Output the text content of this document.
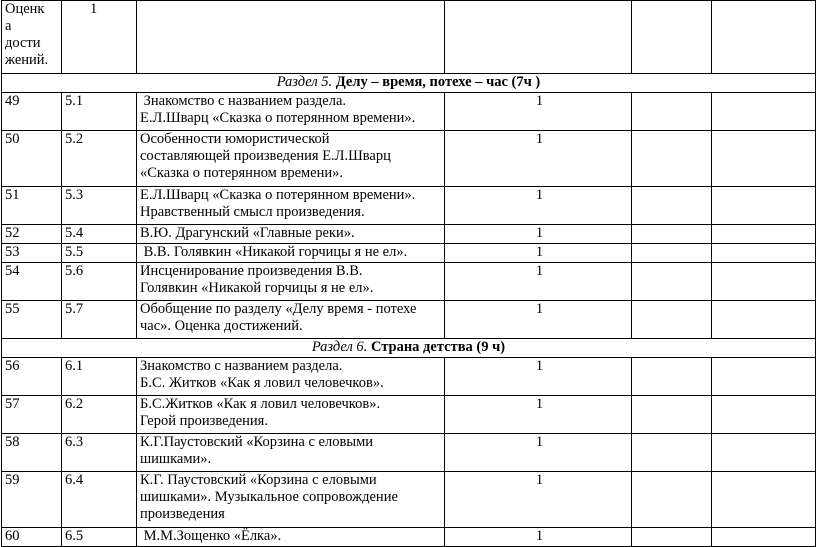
Оценк
а
дости
жений.	1				
Раздел 5. Делу – время, потехе – час (7ч )					
49	5.1	Знакомство с названием раздела.
Е.Л.Шварц «Сказка о потерянном времени».	1		
50	5.2	Особенности юмористической
составляющей произведения Е.Л.Шварц
«Сказка о потерянном времени».	1		
51	5.3	Е.Л.Шварц «Сказка о потерянном времени».
Нравственный смысл произведения.	1		
52	5.4	В.Ю. Драгунский «Главные реки».	1		
53	5.5	В.В. Голявкин «Никакой горчицы я не ел».	1		
54	5.6	Инсценирование произведения В.В.
Голявкин «Никакой горчицы я не ел».	1		
55	5.7	Обобщение по разделу «Делу время - потехе
час». Оценка достижений.	1		
Раздел 6. Страна детства (9 ч)					
56	6.1	Знакомство с названием раздела.
Б.С. Житков «Как я ловил человечков».	1		
57	6.2	Б.С.Житков «Как я ловил человечков».
Герой произведения.	1		
58	6.3	К.Г.Паустовский «Корзина с еловыми
шишками».	1		
59	6.4	К.Г. Паустовский «Корзина с еловыми
шишками». Музыкальное сопровождение
произведения	1		
60	6.5	М.М.Зощенко «Ёлка».	1		
